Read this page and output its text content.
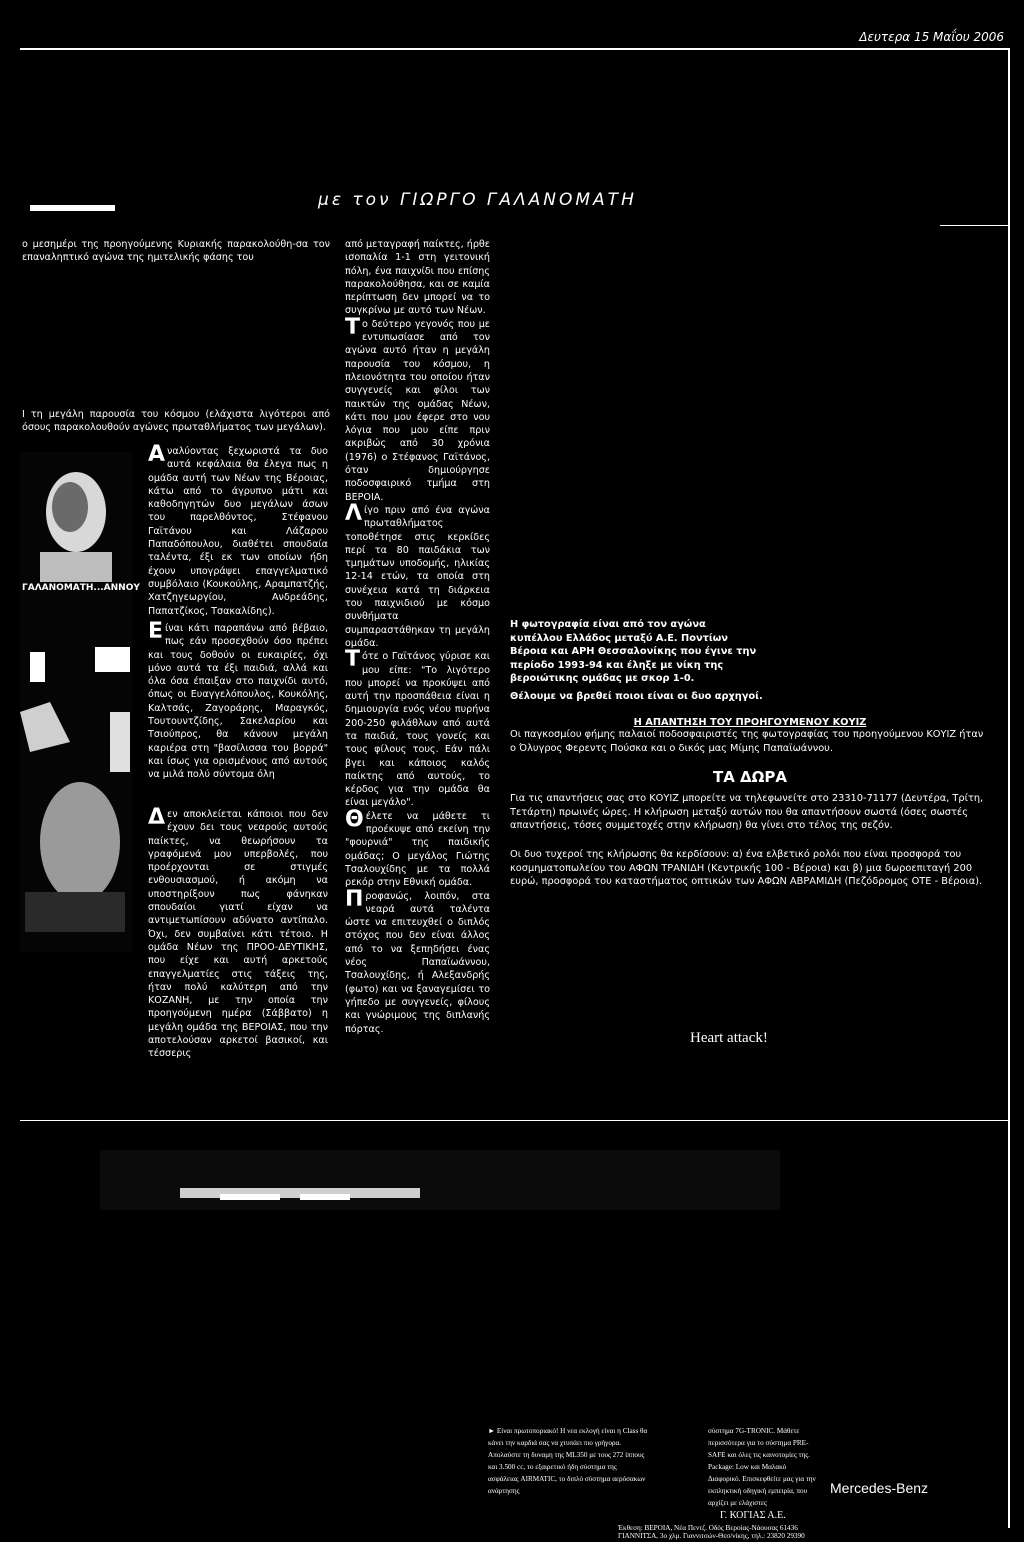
Δευτερα 15 Μαΐου 2006
με τον ΓΙΩΡΓΟ ΓΑΛΑΝΟΜΑΤΗ
ο μεσημέρι της προηγούμενης Κυριακής παρακολούθη-σα τον επαναληπτικό αγώνα της ημιτελικής φάσης του
Ι τη μεγάλη παρουσία του κόσμου (ελάχιστα λιγότεροι από όσους παρακολουθούν αγώνες πρωταθλήματος των μεγάλων).
ΓΑΛΑΝΟΜΑΤΗ...ΑΝΝΟΥ

Αναλύοντας ξεχωριστά τα δυο αυτά κεφάλαια θα έλεγα πως η ομάδα αυτή των Νέων της Βέροιας, κάτω από το άγρυπνο μάτι και καθοδηγητών δυο μεγάλων άσων του παρελθόντος, Στέφανου Γαϊτάνου και Λάζαρου Παπαδόπουλου, διαθέτει σπουδαία ταλέντα, έξι εκ των οποίων ήδη έχουν υπογράψει επαγγελματικό συμβόλαιο (Κουκούλης, Αραμπατζής, Χατζηγεωργίου, Ανδρεάδης, Παπατζίκος, Τσακαλίδης).

Είναι κάτι παραπάνω από βέβαιο, πως εάν προσεχθούν όσο πρέπει και τους δοθούν οι ευκαιρίες, όχι μόνο αυτά τα έξι παιδιά, αλλά και όλα όσα έπαιξαν στο παιχνίδι αυτό, όπως οι Ευαγγελόπουλος, Κουκόλης, Καλτσάς, Ζαγοράρης, Μαραγκός, Τουτουντζίδης, Σακελαρίου και Τσιούπρος, θα κάνουν μεγάλη καριέρα στη "βασίλισσα του βορρά" και ίσως για ορισμένους από αυτούς να μιλά πολύ σύντομα όλη

Δεν αποκλείεται κάποιοι που δεν έχουν δει τους νεαρούς αυτούς παίκτες, να θεωρήσουν τα γραφόμενά μου υπερβολές, που προέρχονται σε στιγμές ενθουσιασμού, ή ακόμη να υποστηρίξουν πως φάνηκαν σπουδαίοι γιατί είχαν να αντιμετωπίσουν αδύνατο αντίπαλο. Όχι, δεν συμβαίνει κάτι τέτοιο. Η ομάδα Νέων της ΠΡΟΟ-ΔΕΥΤΙΚΗΣ, που είχε και αυτή αρκετούς επαγγελματίες στις τάξεις της, ήταν πολύ καλύτερη από την ΚΟΖΑΝΗ, με την οποία την προηγούμενη ημέρα (Σάββατο) η μεγάλη ομάδα της ΒΕΡΟΙΑΣ, που την αποτελούσαν αρκετοί βασικοί, και τέσσερις

από μεταγραφή παίκτες, ήρθε ισοπαλία 1-1 στη γειτονική πόλη, ένα παιχνίδι που επίσης παρακολούθησα, και σε καμία περίπτωση δεν μπορεί να το συγκρίνω με αυτό των Νέων.

Το δεύτερο γεγονός που με εντυπωσίασε από τον αγώνα αυτό ήταν η μεγάλη παρουσία του κόσμου, η πλειονότητα του οποίου ήταν συγγενείς και φίλοι των παικτών της ομάδας Νέων, κάτι που μου έφερε στο νου λόγια που μου είπε πριν ακριβώς από 30 χρόνια (1976) ο Στέφανος Γαϊτάνος, όταν δημιούργησε ποδοσφαιρικό τμήμα στη ΒΕΡΟΙΑ.

Λίγο πριν από ένα αγώνα πρωταθλήματος τοποθέτησε στις κερκίδες περί τα 80 παιδάκια των τμημάτων υποδομής, ηλικίας 12-14 ετών, τα οποία στη συνέχεια κατά τη διάρκεια του παιχνιδιού με κόσμο συνθήματα συμπαραστάθηκαν τη μεγάλη ομάδα.

Τότε ο Γαϊτάνος γύρισε και μου είπε: "Το λιγότερο που μπορεί να προκύψει από αυτή την προσπάθεια είναι η δημιουργία ενός νέου πυρήνα 200-250 φιλάθλων από αυτά τα παιδιά, τους γονείς και τους φίλους τους. Εάν πάλι βγει και κάποιος καλός παίκτης από αυτούς, το κέρδος για την ομάδα θα είναι μεγάλο".

Θέλετε να μάθετε τι προέκυψε από εκείνη την "φουρνιά" της παιδικής ομάδας; Ο μεγάλος Γιώτης Τσαλουχίδης με τα πολλά ρεκόρ στην Εθνική ομάδα.

Προφανώς, λοιπόν, στα νεαρά αυτά ταλέντα ώστε να επιτευχθεί ο διπλός στόχος που δεν είναι άλλος από το να ξεπηδήσει ένας νέος Παπαϊωάννου, Τσαλουχίδης, ή Αλεξανδρής (φωτο) και να ξαναγεμίσει το γήπεδο με συγγενείς, φίλους και γνώριμους της διπλανής πόρτας.

Η φωτογραφία είναι από τον αγώνα κυπέλλου Ελλάδος μεταξύ Α.Ε. Ποντίων Βέροια και ΑΡΗ Θεσσαλονίκης που έγινε την περίοδο 1993-94 και έληξε με νίκη της βεροιώτικης ομάδας με σκορ 1-0.
Θέλουμε να βρεθεί ποιοι είναι οι δυο αρχηγοί.
Η ΑΠΑΝΤΗΣΗ ΤΟΥ ΠΡΟΗΓΟΥΜΕΝΟΥ ΚΟΥΙΖ
Οι παγκοσμίου φήμης παλαιοί ποδοσφαιριστές της φωτογραφίας του προηγούμενου ΚΟΥΙΖ ήταν ο Όλυγρος Φερεντς Πούσκα και ο δικός μας Μίμης Παπαϊωάννου.
ΤΑ ΔΩΡΑ
Για τις απαντήσεις σας στο ΚΟΥΙΖ μπορείτε να τηλεφωνείτε στο 23310-71177 (Δευτέρα, Τρίτη, Τετάρτη) πρωινές ώρες. Η κλήρωση μεταξύ αυτών που θα απαντήσουν σωστά (όσες σωστές απαντήσεις, τόσες συμμετοχές στην κλήρωση) θα γίνει στο τέλος της σεζόν.
Οι δυο τυχεροί της κλήρωσης θα κερδίσουν: α) ένα ελβετικό ρολόι που είναι προσφορά του κοσμηματοπωλείου του ΑΦΩΝ ΤΡΑΝΙΔΗ (Κεντρικής 100 - Βέροια) και β) μια δωροεπιταγή 200 ευρώ, προσφορά του καταστήματος οπτικών των ΑΦΩΝ ΑΒΡΑΜΙΔΗ (Πεζόδρομος ΟΤΕ - Βέροια).
Heart attack!
► Είναι πρωτοποριακό! Η νεα εκλογή είναι η Class θα κάνει την καρδιά σας να χτυπάει πιο γρήγορα. Απολαύστε τη δυναμη της ML350 με τους 272 ίππους και 3.500 cc, το εξαιρετικό ήδη σύστημα της ασφάλειας AIRMATIC, το διπλό σύστημα αερόσακων ανάρτησης
σύστημα 7G-TRONIC. Μάθετε περισσότερα για το σύστημα PRE-SAFE και όλες τις καινοτομίες της. Package: Low και Μαλακό Διαφορικό. Επισκεφθείτε μας για την εκπληκτική οδηγική εμπειρία, που αρχίζει με ελάχιστες
Mercedes-Benz
Γ. ΚΟΓΙΑΣ Α.Ε.
Έκθεση: ΒΕΡΟΙΑ, Νέα Πεντζ. Οδός Βεροίας-Νάουσας 61436
ΓΙΑΝΝΙΤΣΑ, 3ο χλμ. Γιαννιτσών-Θεσ/νίκης, τηλ.: 23820 29390
